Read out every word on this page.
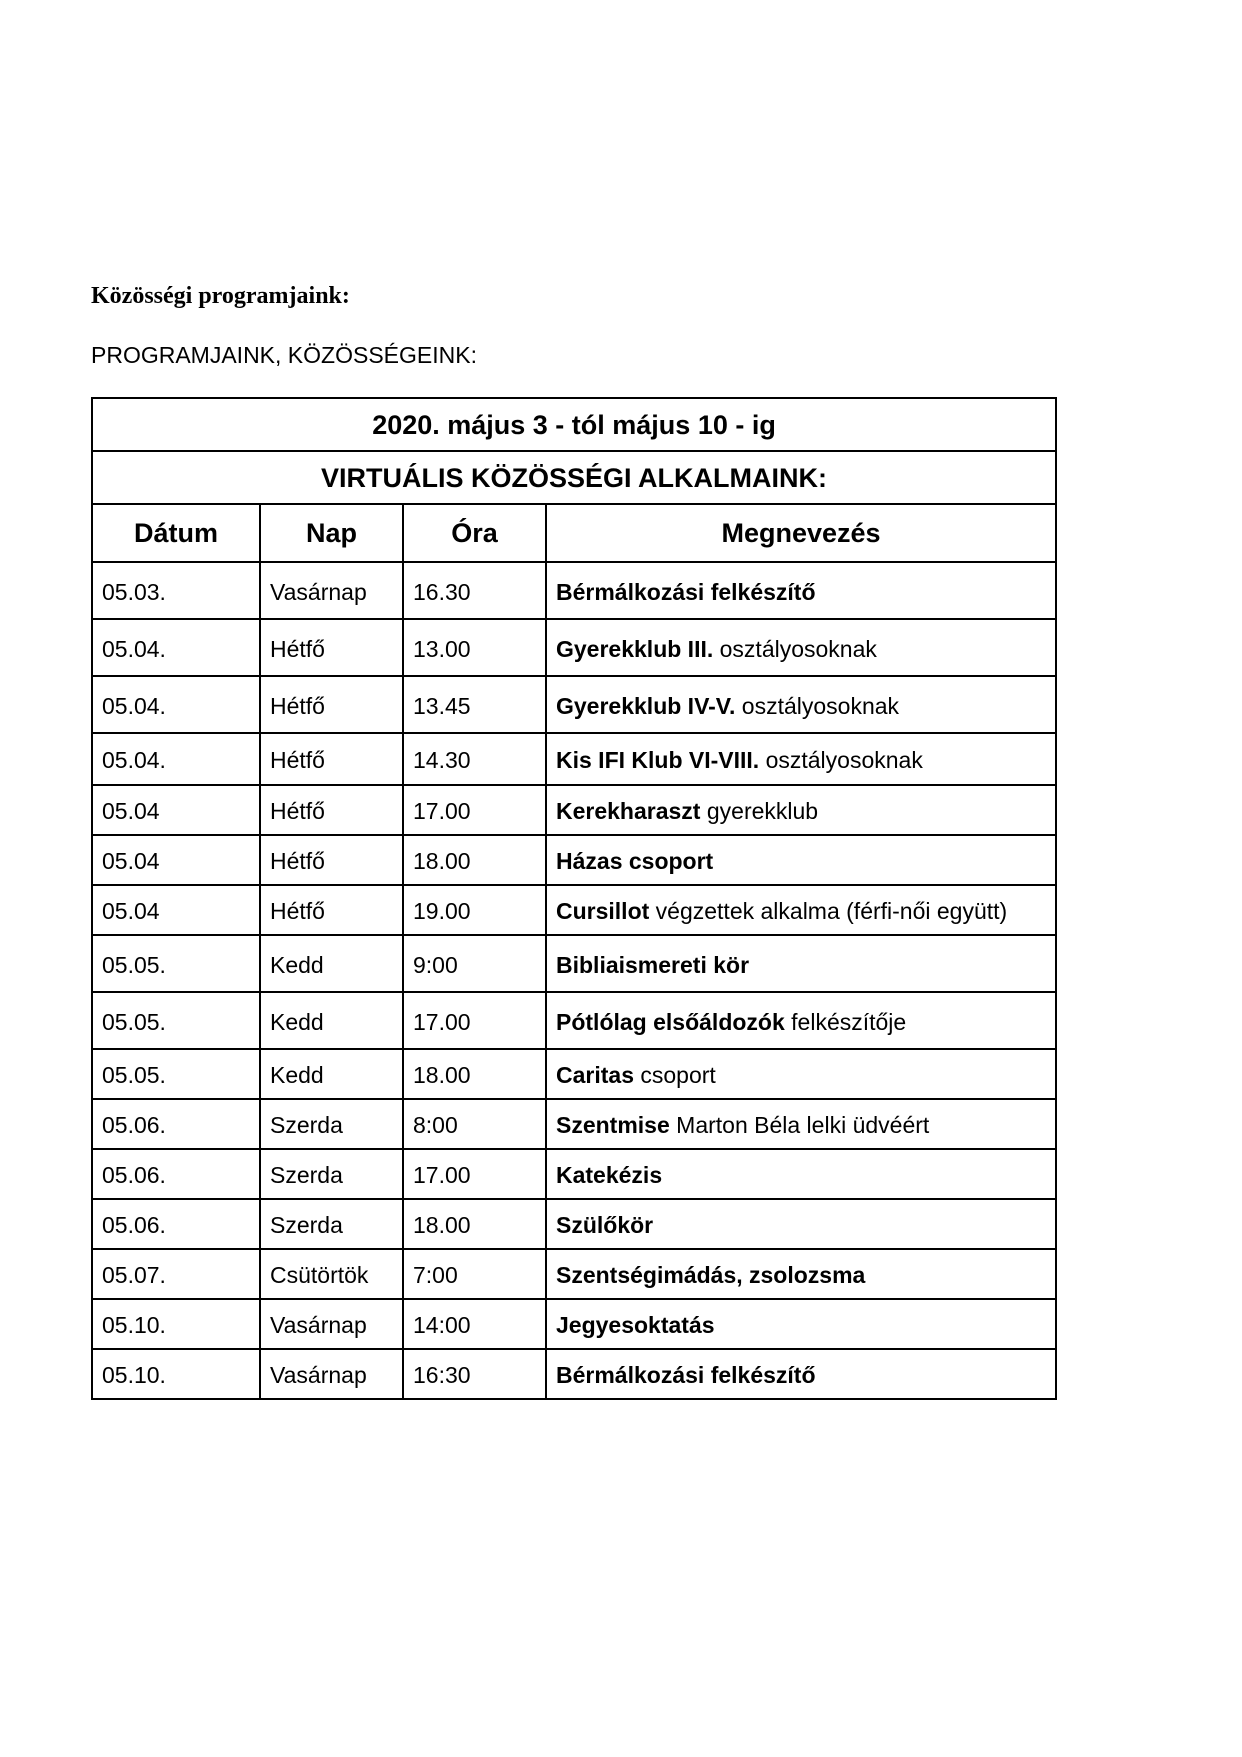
Közösségi programjaink:

PROGRAMJAINK, KÖZÖSSÉGEINK:

2020. május 3 - tól május 10 - ig			
VIRTUÁLIS KÖZÖSSÉGI ALKALMAINK:			
Dátum	Nap	Óra	Megnevezés
05.03.	Vasárnap	16.30	Bérmálkozási felkészítő
05.04.	Hétfő	13.00	Gyerekklub III. osztályosoknak
05.04.	Hétfő	13.45	Gyerekklub IV-V. osztályosoknak
05.04.	Hétfő	14.30	Kis IFI Klub VI-VIII. osztályosoknak
05.04	Hétfő	17.00	Kerekharaszt gyerekklub
05.04	Hétfő	18.00	Házas csoport
05.04	Hétfő	19.00	Cursillot végzettek alkalma (férfi-női együtt)
05.05.	Kedd	9:00	Bibliaismereti kör
05.05.	Kedd	17.00	Pótlólag elsőáldozók felkészítője
05.05.	Kedd	18.00	Caritas csoport
05.06.	Szerda	8:00	Szentmise Marton Béla lelki üdvéért
05.06.	Szerda	17.00	Katekézis
05.06.	Szerda	18.00	Szülőkör
05.07.	Csütörtök	7:00	Szentségimádás, zsolozsma
05.10.	Vasárnap	14:00	Jegyesoktatás
05.10.	Vasárnap	16:30	Bérmálkozási felkészítő
